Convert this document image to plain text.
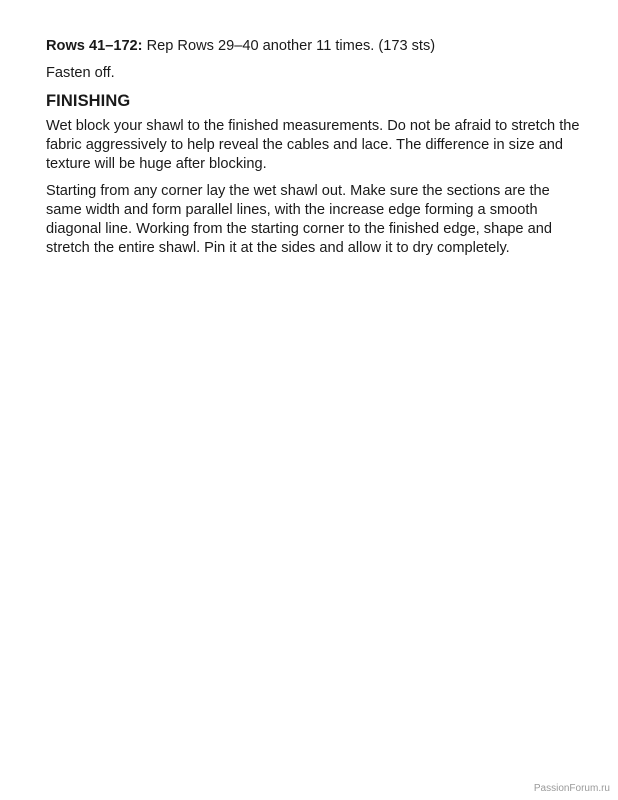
Rows 41–172: Rep Rows 29–40 another 11 times. (173 sts)

Fasten off.

FINISHING

Wet block your shawl to the finished measurements. Do not be afraid to stretch the fabric aggressively to help reveal the cables and lace. The difference in size and texture will be huge after blocking.

Starting from any corner lay the wet shawl out. Make sure the sections are the same width and form parallel lines, with the increase edge forming a smooth diagonal line. Working from the starting corner to the finished edge, shape and stretch the entire shawl. Pin it at the sides and allow it to dry completely.

PassionForum.ru
